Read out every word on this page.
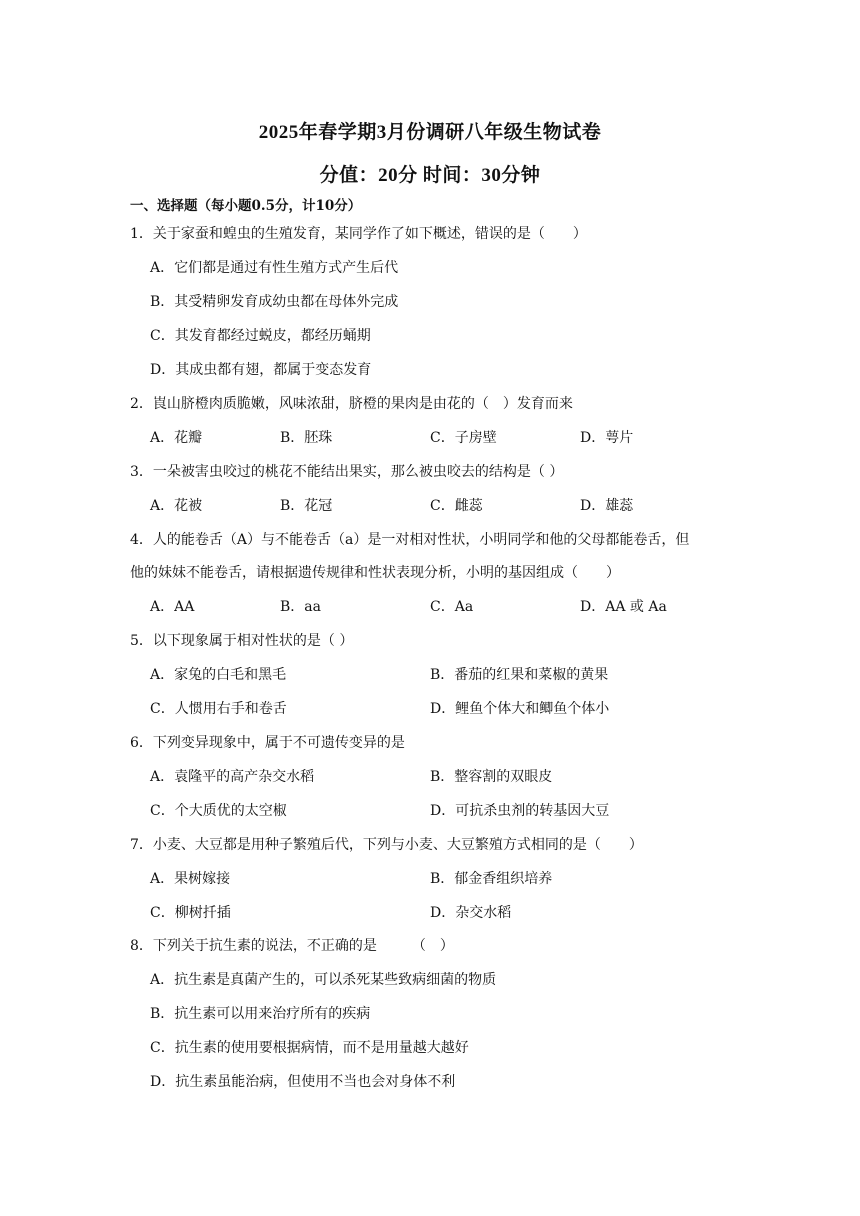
2025年春学期3月份调研八年级生物试卷
分值：20分 时间：30分钟
一、选择题（每小题0.5分，计10分）
1．关于家蚕和蝗虫的生殖发育，某同学作了如下概述，错误的是（　　）
A．它们都是通过有性生殖方式产生后代
B．其受精卵发育成幼虫都在母体外完成
C．其发育都经过蜕皮，都经历蛹期
D．其成虫都有翅，都属于变态发育
2．崀山脐橙肉质脆嫩，风味浓甜，脐橙的果肉是由花的（　）发育而来
A．花瓣	B．胚珠	C．子房壁	D．萼片
3．一朵被害虫咬过的桃花不能结出果实，那么被虫咬去的结构是（ ）
A．花被	B．花冠	C．雌蕊	D．雄蕊
4．人的能卷舌（A）与不能卷舌（a）是一对相对性状，小明同学和他的父母都能卷舌，但
他的妹妹不能卷舌，请根据遗传规律和性状表现分析，小明的基因组成（　　）
A．AA	B．aa	C．Aa	D．AA 或 Aa
5．以下现象属于相对性状的是（ ）
A．家兔的白毛和黑毛	B．番茄的红果和菜椒的黄果
C．人惯用右手和卷舌	D．鲤鱼个体大和鲫鱼个体小
6．下列变异现象中，属于不可遗传变异的是
A．袁隆平的高产杂交水稻	B．整容割的双眼皮
C．个大质优的太空椒	D．可抗杀虫剂的转基因大豆
7．小麦、大豆都是用种子繁殖后代，下列与小麦、大豆繁殖方式相同的是（　　）
A．果树嫁接	B．郁金香组织培养
C．柳树扦插	D．杂交水稻
8．下列关于抗生素的说法，不正确的是　　　（　）
A．抗生素是真菌产生的，可以杀死某些致病细菌的物质
B．抗生素可以用来治疗所有的疾病
C．抗生素的使用要根据病情，而不是用量越大越好
D．抗生素虽能治病，但使用不当也会对身体不利
